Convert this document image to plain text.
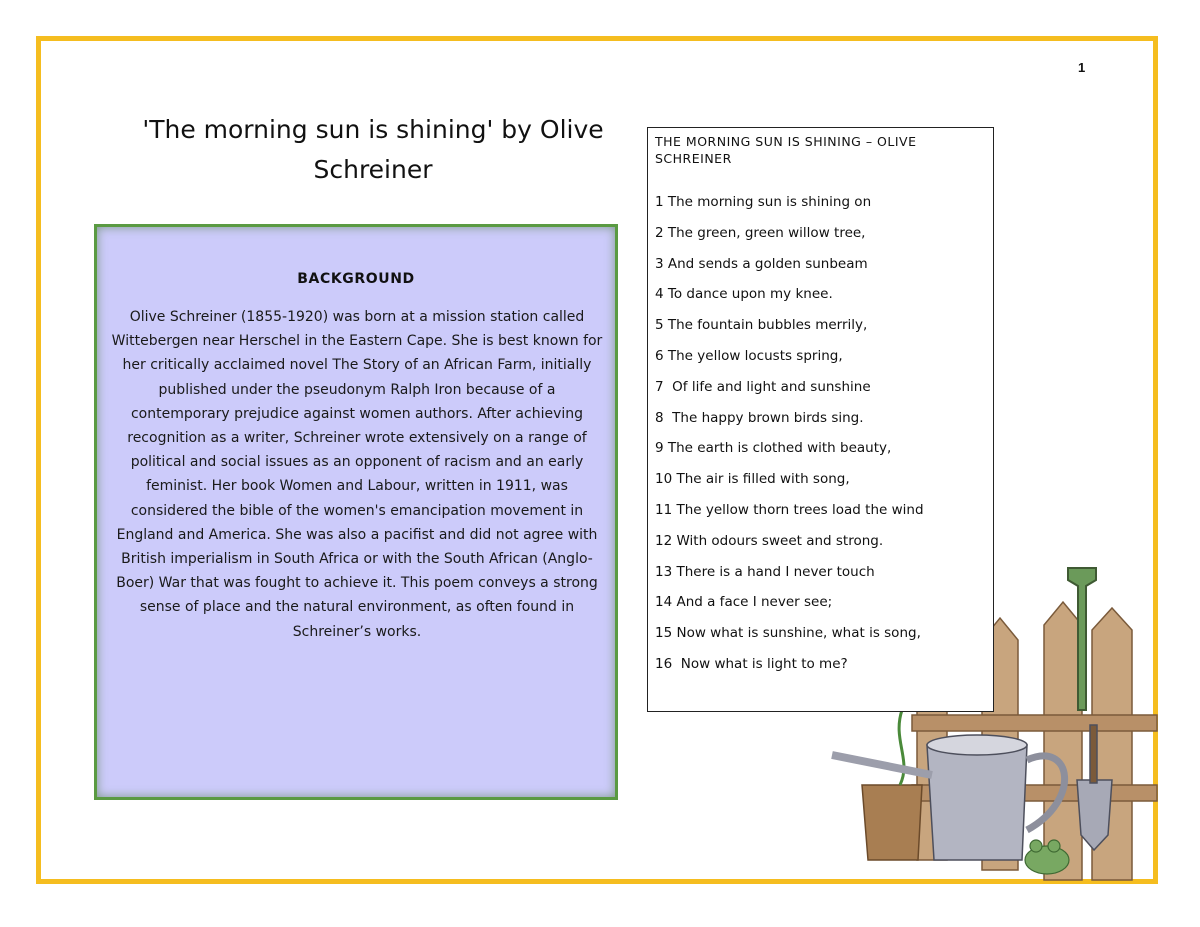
1
'The morning sun is shining' by Olive Schreiner
BACKGROUND
Olive Schreiner (1855-1920) was born at a mission station called Wittebergen near Herschel in the Eastern Cape. She is best known for her critically acclaimed novel The Story of an African Farm, initially published under the pseudonym Ralph Iron because of a contemporary prejudice against women authors. After achieving recognition as a writer, Schreiner wrote extensively on a range of political and social issues as an opponent of racism and an early feminist. Her book Women and Labour, written in 1911, was considered the bible of the women's emancipation movement in England and America. She was also a pacifist and did not agree with British imperialism in South Africa or with the South African (Anglo-Boer) War that was fought to achieve it. This poem conveys a strong sense of place and the natural environment, as often found in Schreiner’s works.
THE MORNING SUN IS SHINING – OLIVE SCHREINER
1 The morning sun is shining on
2 The green, green willow tree,
3 And sends a golden sunbeam
4 To dance upon my knee.
5 The fountain bubbles merrily,
6 The yellow locusts spring,
7  Of life and light and sunshine
8  The happy brown birds sing.
9 The earth is clothed with beauty,
10 The air is filled with song,
11 The yellow thorn trees load the wind
12 With odours sweet and strong.
13 There is a hand I never touch
14 And a face I never see;
15 Now what is sunshine, what is song,
16  Now what is light to me?
